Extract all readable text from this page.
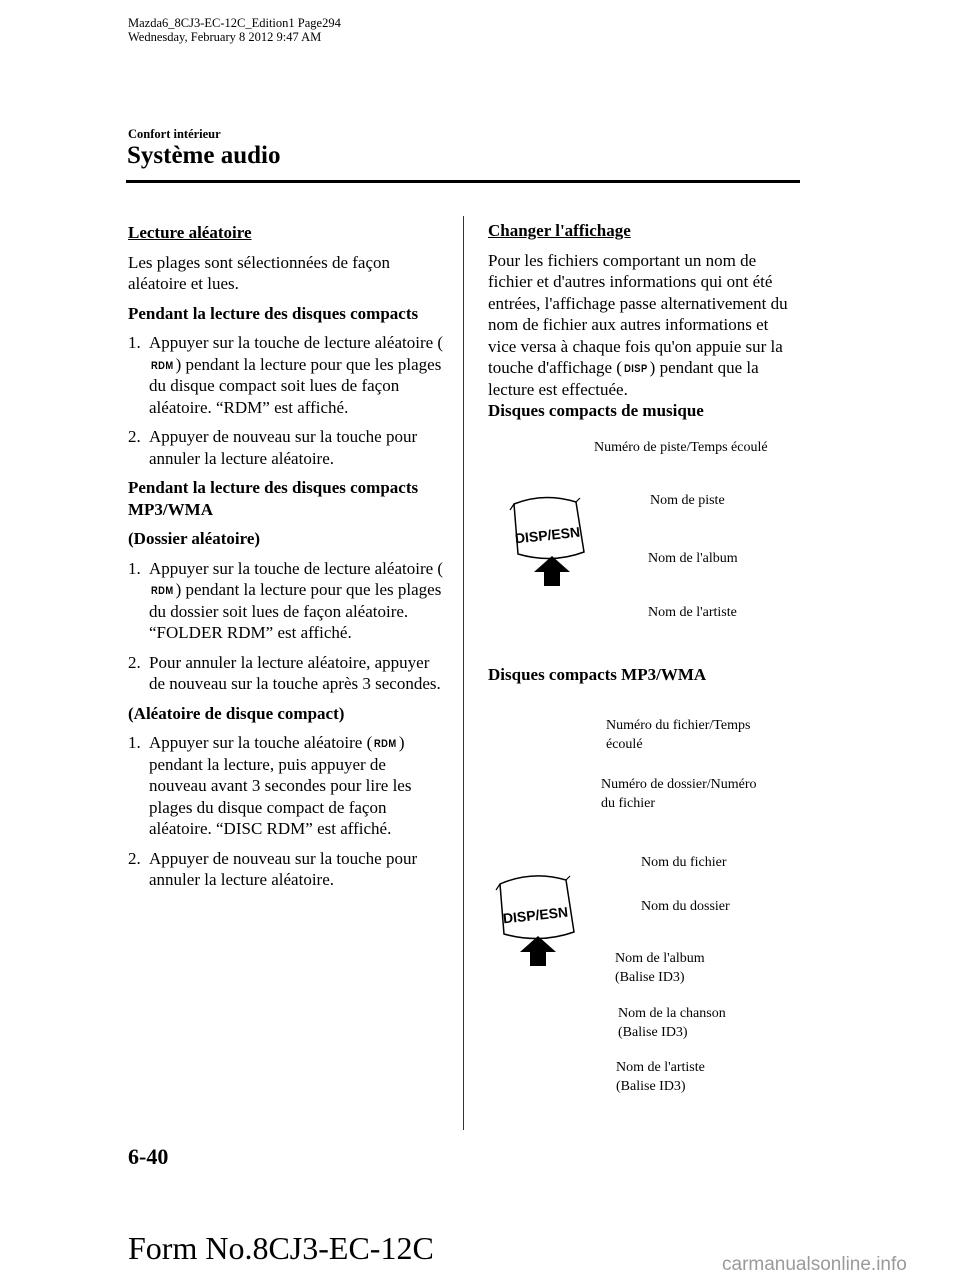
Mazda6_8CJ3-EC-12C_Edition1 Page294
Wednesday, February 8 2012 9:47 AM
Confort intérieur
Système audio

Lecture aléatoire

Les plages sont sélectionnées de façon aléatoire et lues.

Pendant la lecture des disques compacts

1. Appuyer sur la touche de lecture aléatoire (RDM ) pendant la lecture pour que les plages du disque compact soit lues de façon aléatoire. “RDM” est affiché.
2. Appuyer de nouveau sur la touche pour annuler la lecture aléatoire.

Pendant la lecture des disques compacts MP3/WMA

(Dossier aléatoire)

1. Appuyer sur la touche de lecture aléatoire (RDM ) pendant la lecture pour que les plages du dossier soit lues de façon aléatoire. “FOLDER RDM” est affiché.
2. Pour annuler la lecture aléatoire, appuyer de nouveau sur la touche après 3 secondes.

(Aléatoire de disque compact)

1. Appuyer sur la touche aléatoire ( RDM ) pendant la lecture, puis appuyer de nouveau avant 3 secondes pour lire les plages du disque compact de façon aléatoire. “DISC RDM” est affiché.
2. Appuyer de nouveau sur la touche pour annuler la lecture aléatoire.

Changer l'affichage

Pour les fichiers comportant un nom de fichier et d'autres informations qui ont été entrées, l'affichage passe alternativement du nom de fichier aux autres informations et vice versa à chaque fois qu'on appuie sur la touche d'affichage ( DISP ) pendant que la lecture est effectuée.
Disques compacts de musique
DISP/ESN
Numéro de piste/Temps écoulé
Nom de piste
Nom de l'album
Nom de l'artiste
Disques compacts MP3/WMA
DISP/ESN
Numéro du fichier/Temps
écoulé
Numéro de dossier/Numéro
du fichier
Nom du fichier
Nom du dossier
Nom de l'album
(Balise ID3)
Nom de la chanson
(Balise ID3)
Nom de l'artiste
(Balise ID3)
6-40
Form No.8CJ3-EC-12C	carmanualsonline.info
